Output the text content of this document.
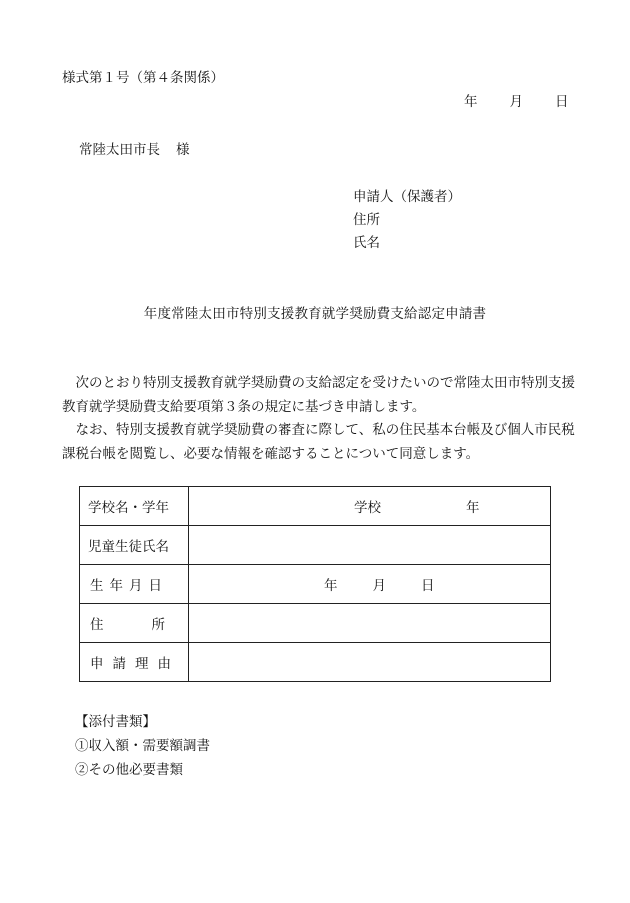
様式第１号（第４条関係）
年 月 日
常陸太田市長 様
申請人（保護者）
住所
氏名
年度常陸太田市特別支援教育就学奨励費支給認定申請書

次のとおり特別支援教育就学奨励費の支給認定を受けたいので常陸太田市特別支援教育就学奨励費支給要項第３条の規定に基づき申請します。

なお、特別支援教育就学奨励費の審査に際して、私の住民基本台帳及び個人市民税課税台帳を閲覧し、必要な情報を確認することについて同意します。

学校名・学年	学校 年
児童生徒氏名	
生年月日	年 月 日
住 所	
申請理由	
【添付書類】
①収入額・需要額調書
②その他必要書類
